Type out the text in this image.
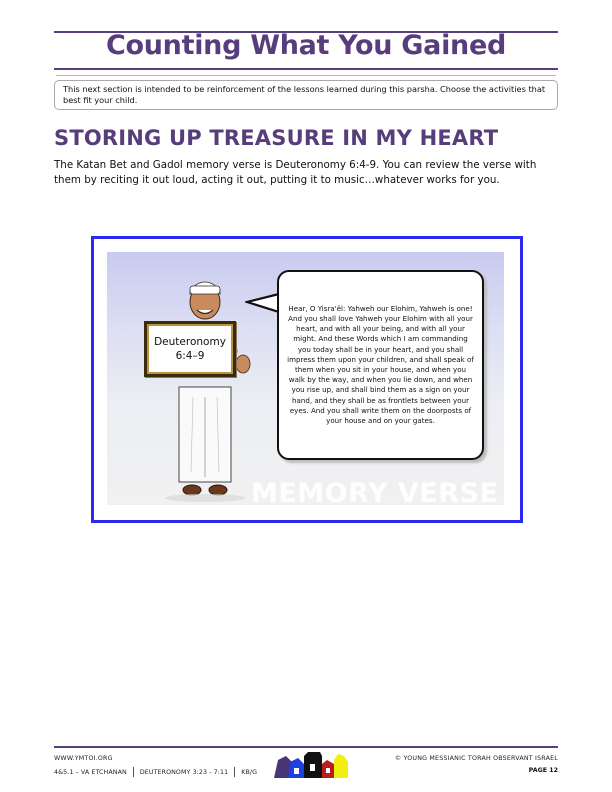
Counting What You Gained
This next section is intended to be reinforcement of the lessons learned during this parsha. Choose the activities that best fit your child.
STORING UP TREASURE IN MY HEART
The Katan Bet and Gadol memory verse is Deuteronomy 6:4-9. You can review the verse with them by reciting it out loud, acting it out, putting it to music…whatever works for you.
Deuteronomy
6:4–9
Hear, O Yisra'ěl: Yahweh our Elohim, Yahweh is one! And you shall love Yahweh your Elohim with all your heart, and with all your being, and with all your might. And these Words which I am commanding you today shall be in your heart, and you shall impress them upon your children, and shall speak of them when you sit in your house, and when you walk by the way, and when you lie down, and when you rise up, and shall bind them as a sign on your hand, and they shall be as frontlets between your eyes. And you shall write them on the doorposts of your house and on your gates.
MEMORY VERSE
WWW.YMTOI.ORG
4&5.1 – VA ETCHANAN DEUTERONOMY 3:23 - 7:11 KB/G
© YOUNG MESSIANIC TORAH OBSERVANT ISRAEL
PAGE 12
